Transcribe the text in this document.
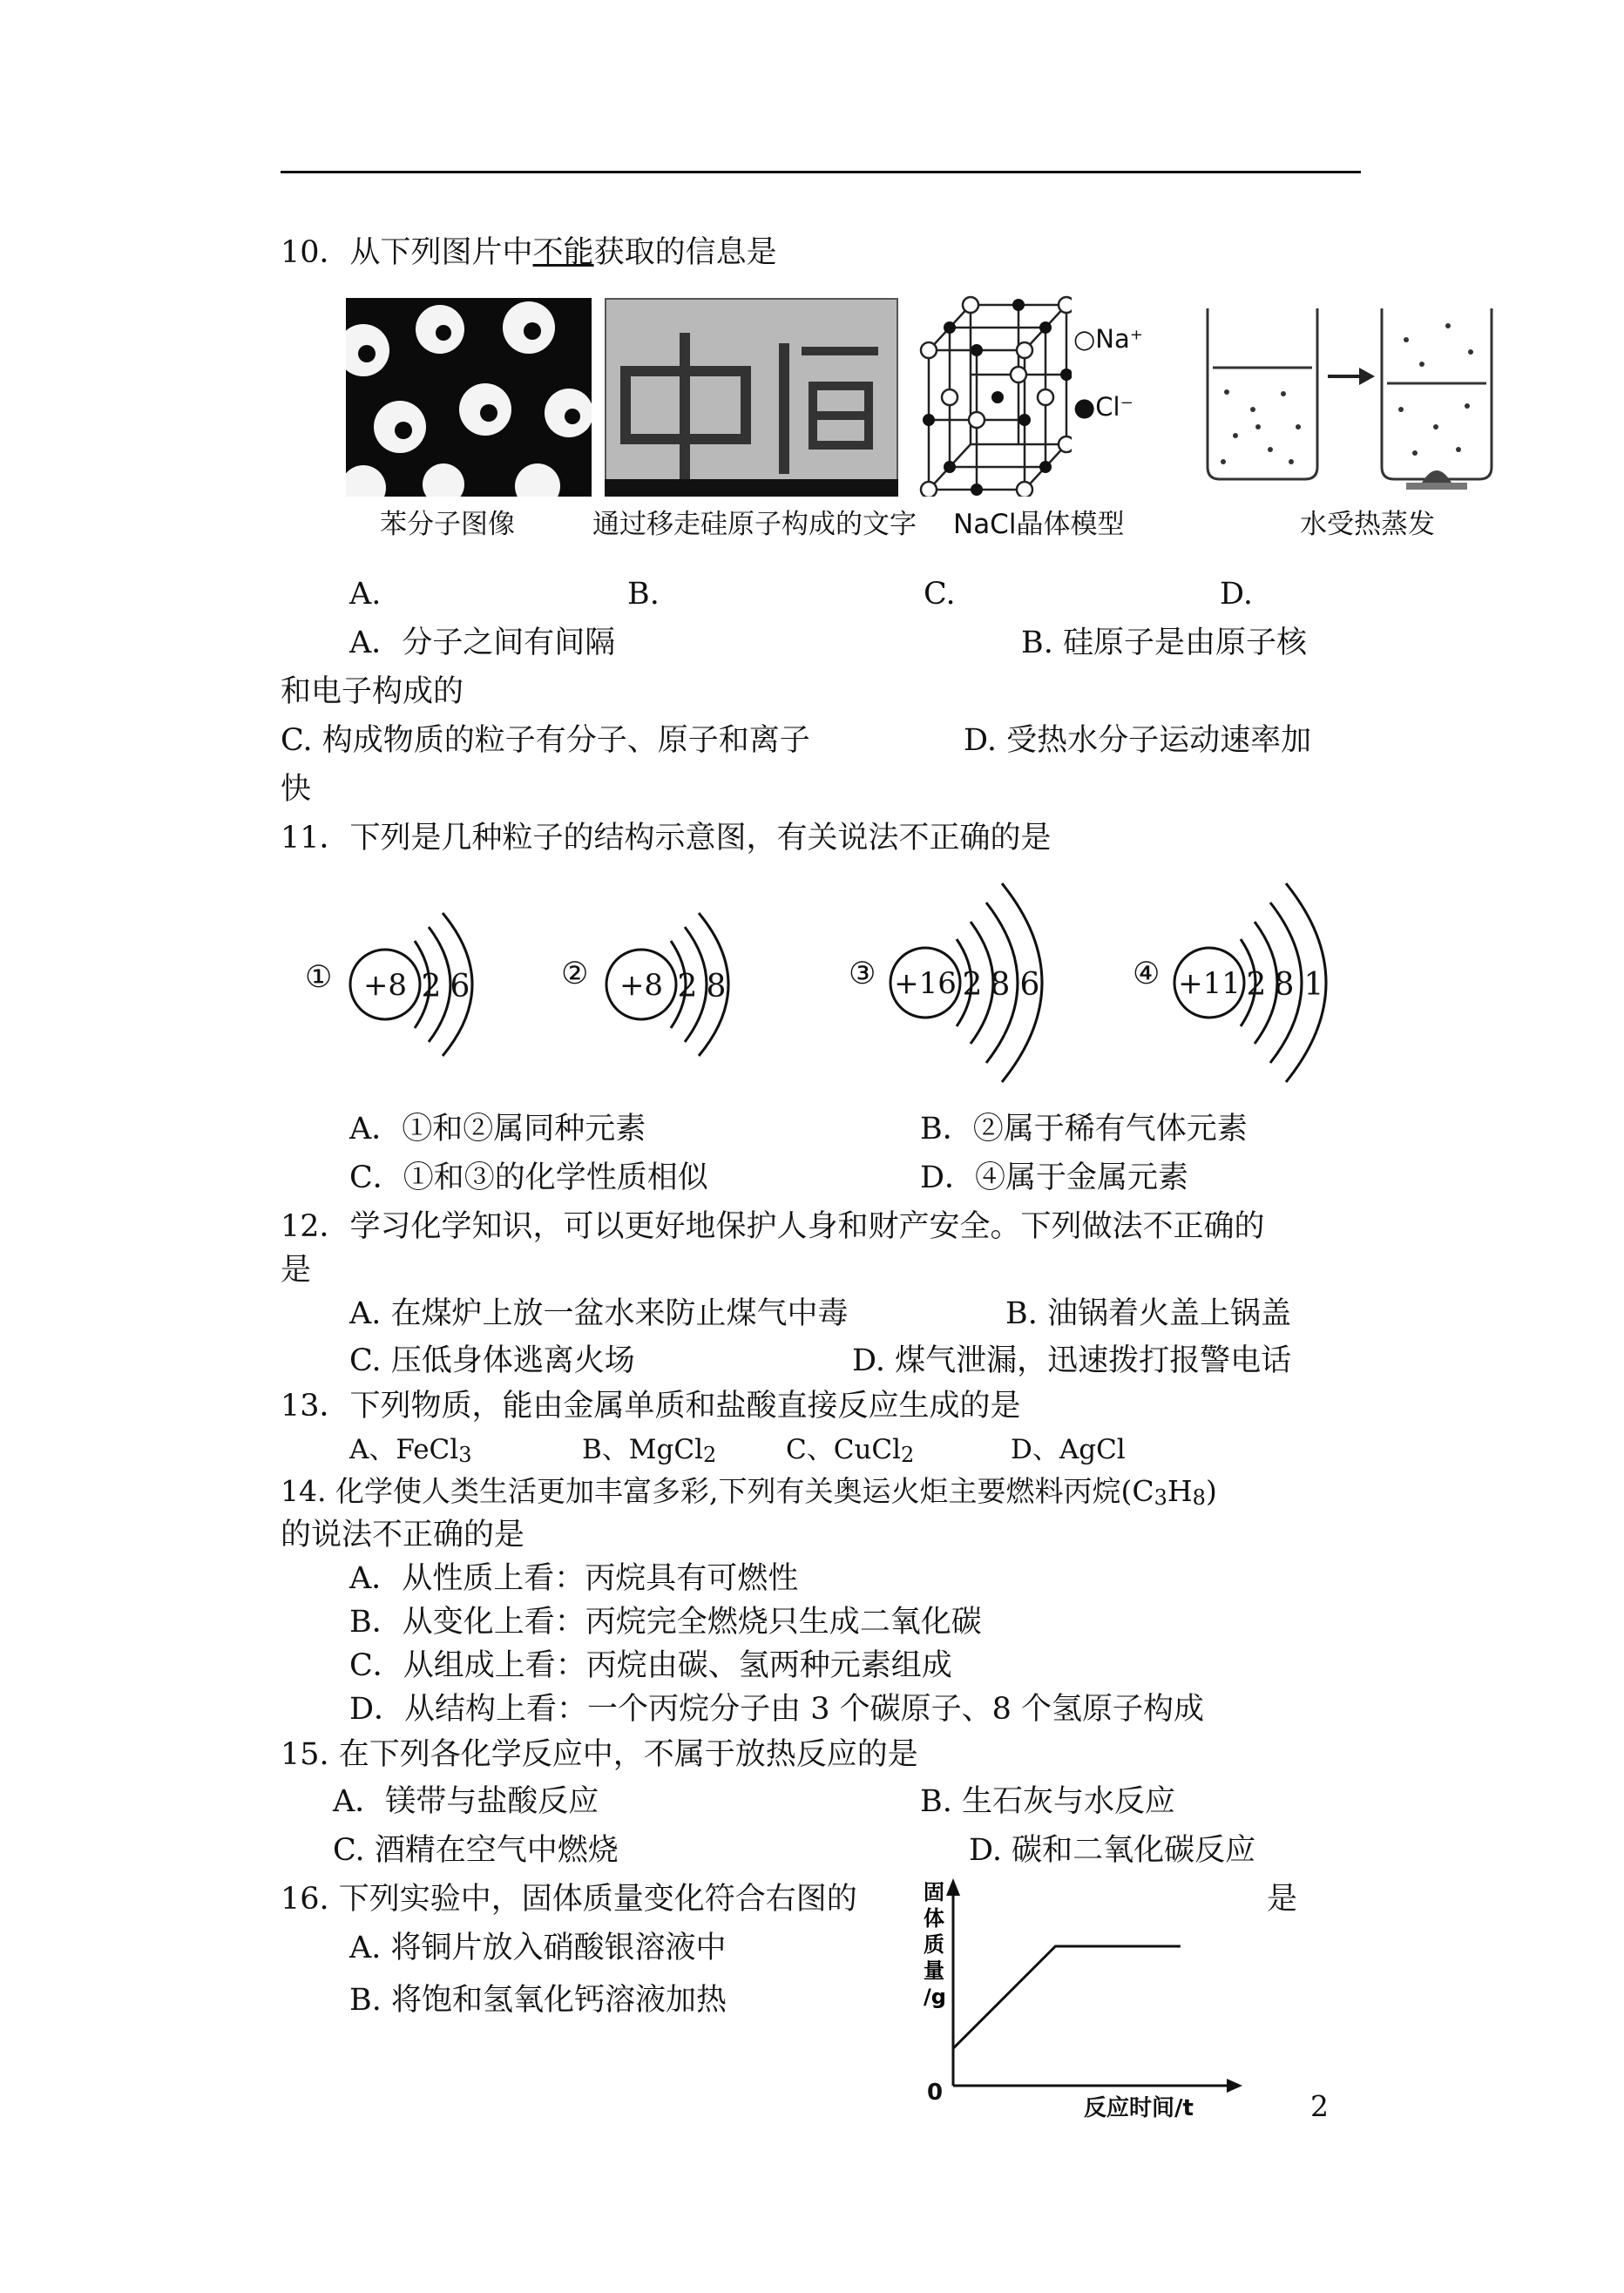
10．从下列图片中不能获取的信息是
苯分子图像	通过移走硅原子构成的文字
○Na⁺
●Cl⁻
NaCl晶体模型	水受热蒸发
A.	B.	C.	D.
A．分子之间有间隔	B. 硅原子是由原子核
和电子构成的
C. 构成物质的粒子有分子、原子和离子	D. 受热水分子运动速率加
快
11．下列是几种粒子的结构示意图，有关说法不正确的是
① +8 2 6	② +8 2 8	③ +16 2 8 6	④ +11 2 8 1
A．①和②属同种元素	B．②属于稀有气体元素
C．①和③的化学性质相似	D．④属于金属元素
12．学习化学知识，可以更好地保护人身和财产安全。下列做法不正确的
是
A. 在煤炉上放一盆水来防止煤气中毒	B. 油锅着火盖上锅盖
C. 压低身体逃离火场	D. 煤气泄漏，迅速拨打报警电话
13．下列物质，能由金属单质和盐酸直接反应生成的是
A、FeCl$_3$	B、MgCl$_2$	C、CuCl$_2$	D、AgCl
14. 化学使人类生活更加丰富多彩,下列有关奥运火炬主要燃料丙烷$(C_3H_8)$
的说法不正确的是
A．从性质上看：丙烷具有可燃性
B．从变化上看：丙烷完全燃烧只生成二氧化碳
C．从组成上看：丙烷由碳、氢两种元素组成
D．从结构上看：一个丙烷分子由 3 个碳原子、8 个氢原子构成
15. 在下列各化学反应中，不属于放热反应的是
A．镁带与盐酸反应	B. 生石灰与水反应
C. 酒精在空气中燃烧	D. 碳和二氧化碳反应
16. 下列实验中，固体质量变化符合右图的	是
A. 将铜片放入硝酸银溶液中
B. 将饱和氢氧化钙溶液加热
固
体
质
量
/g
反应时间/t
0	2
